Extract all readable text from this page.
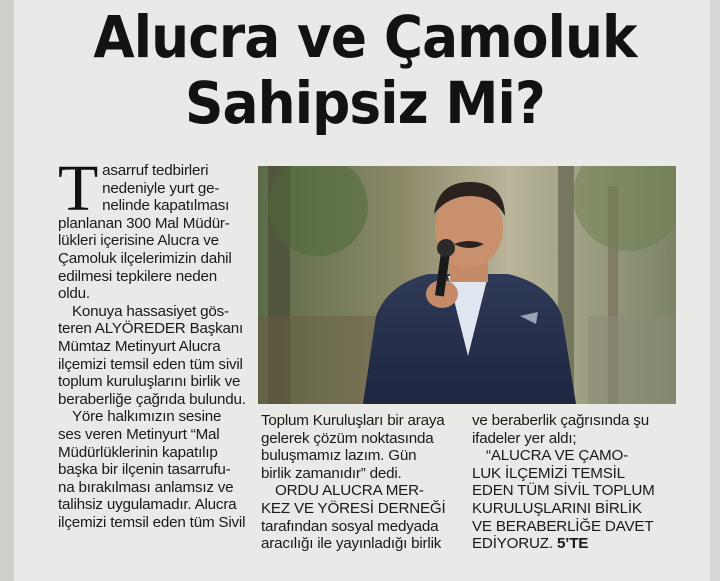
Alucra ve Çamoluk
Sahipsiz Mi?
T asarruf tedbirleri

nedeniyle yurt ge-

nelinde kapatılması

planlanan 300 Mal Müdür-

lükleri içerisine Alucra ve

Çamoluk ilçelerimizin dahil

edilmesi tepkilere neden

oldu.

Konuya hassasiyet gös-

teren ALYÖREDER Başkanı

Mümtaz Metinyurt Alucra

ilçemizi temsil eden tüm sivil

toplum kuruluşlarını birlik ve

beraberliğe çağrıda bulundu.

Yöre halkımızın sesine

ses veren Metinyurt “Mal

Müdürlüklerinin kapatılıp

başka bir ilçenin tasarrufu-

na bırakılması anlamsız ve

talihsiz uygulamadır. Alucra

ilçemizi temsil eden tüm Sivil

Toplum Kuruluşları bir araya

gelerek çözüm noktasında

buluşmamız lazım. Gün

birlik zamanıdır” dedi.

ORDU ALUCRA MER-

KEZ VE YÖRESİ DERNEĞİ

tarafından sosyal medyada

aracılığı ile yayınladığı birlik

ve beraberlik çağrısında şu

ifadeler yer aldı;

“ALUCRA VE ÇAMO-

LUK İLÇEMİZİ TEMSİL

EDEN TÜM SİVİL TOPLUM

KURULUŞLARINI BİRLİK

VE BERABERLİĞE DAVET

EDİYORUZ. 5’TE
